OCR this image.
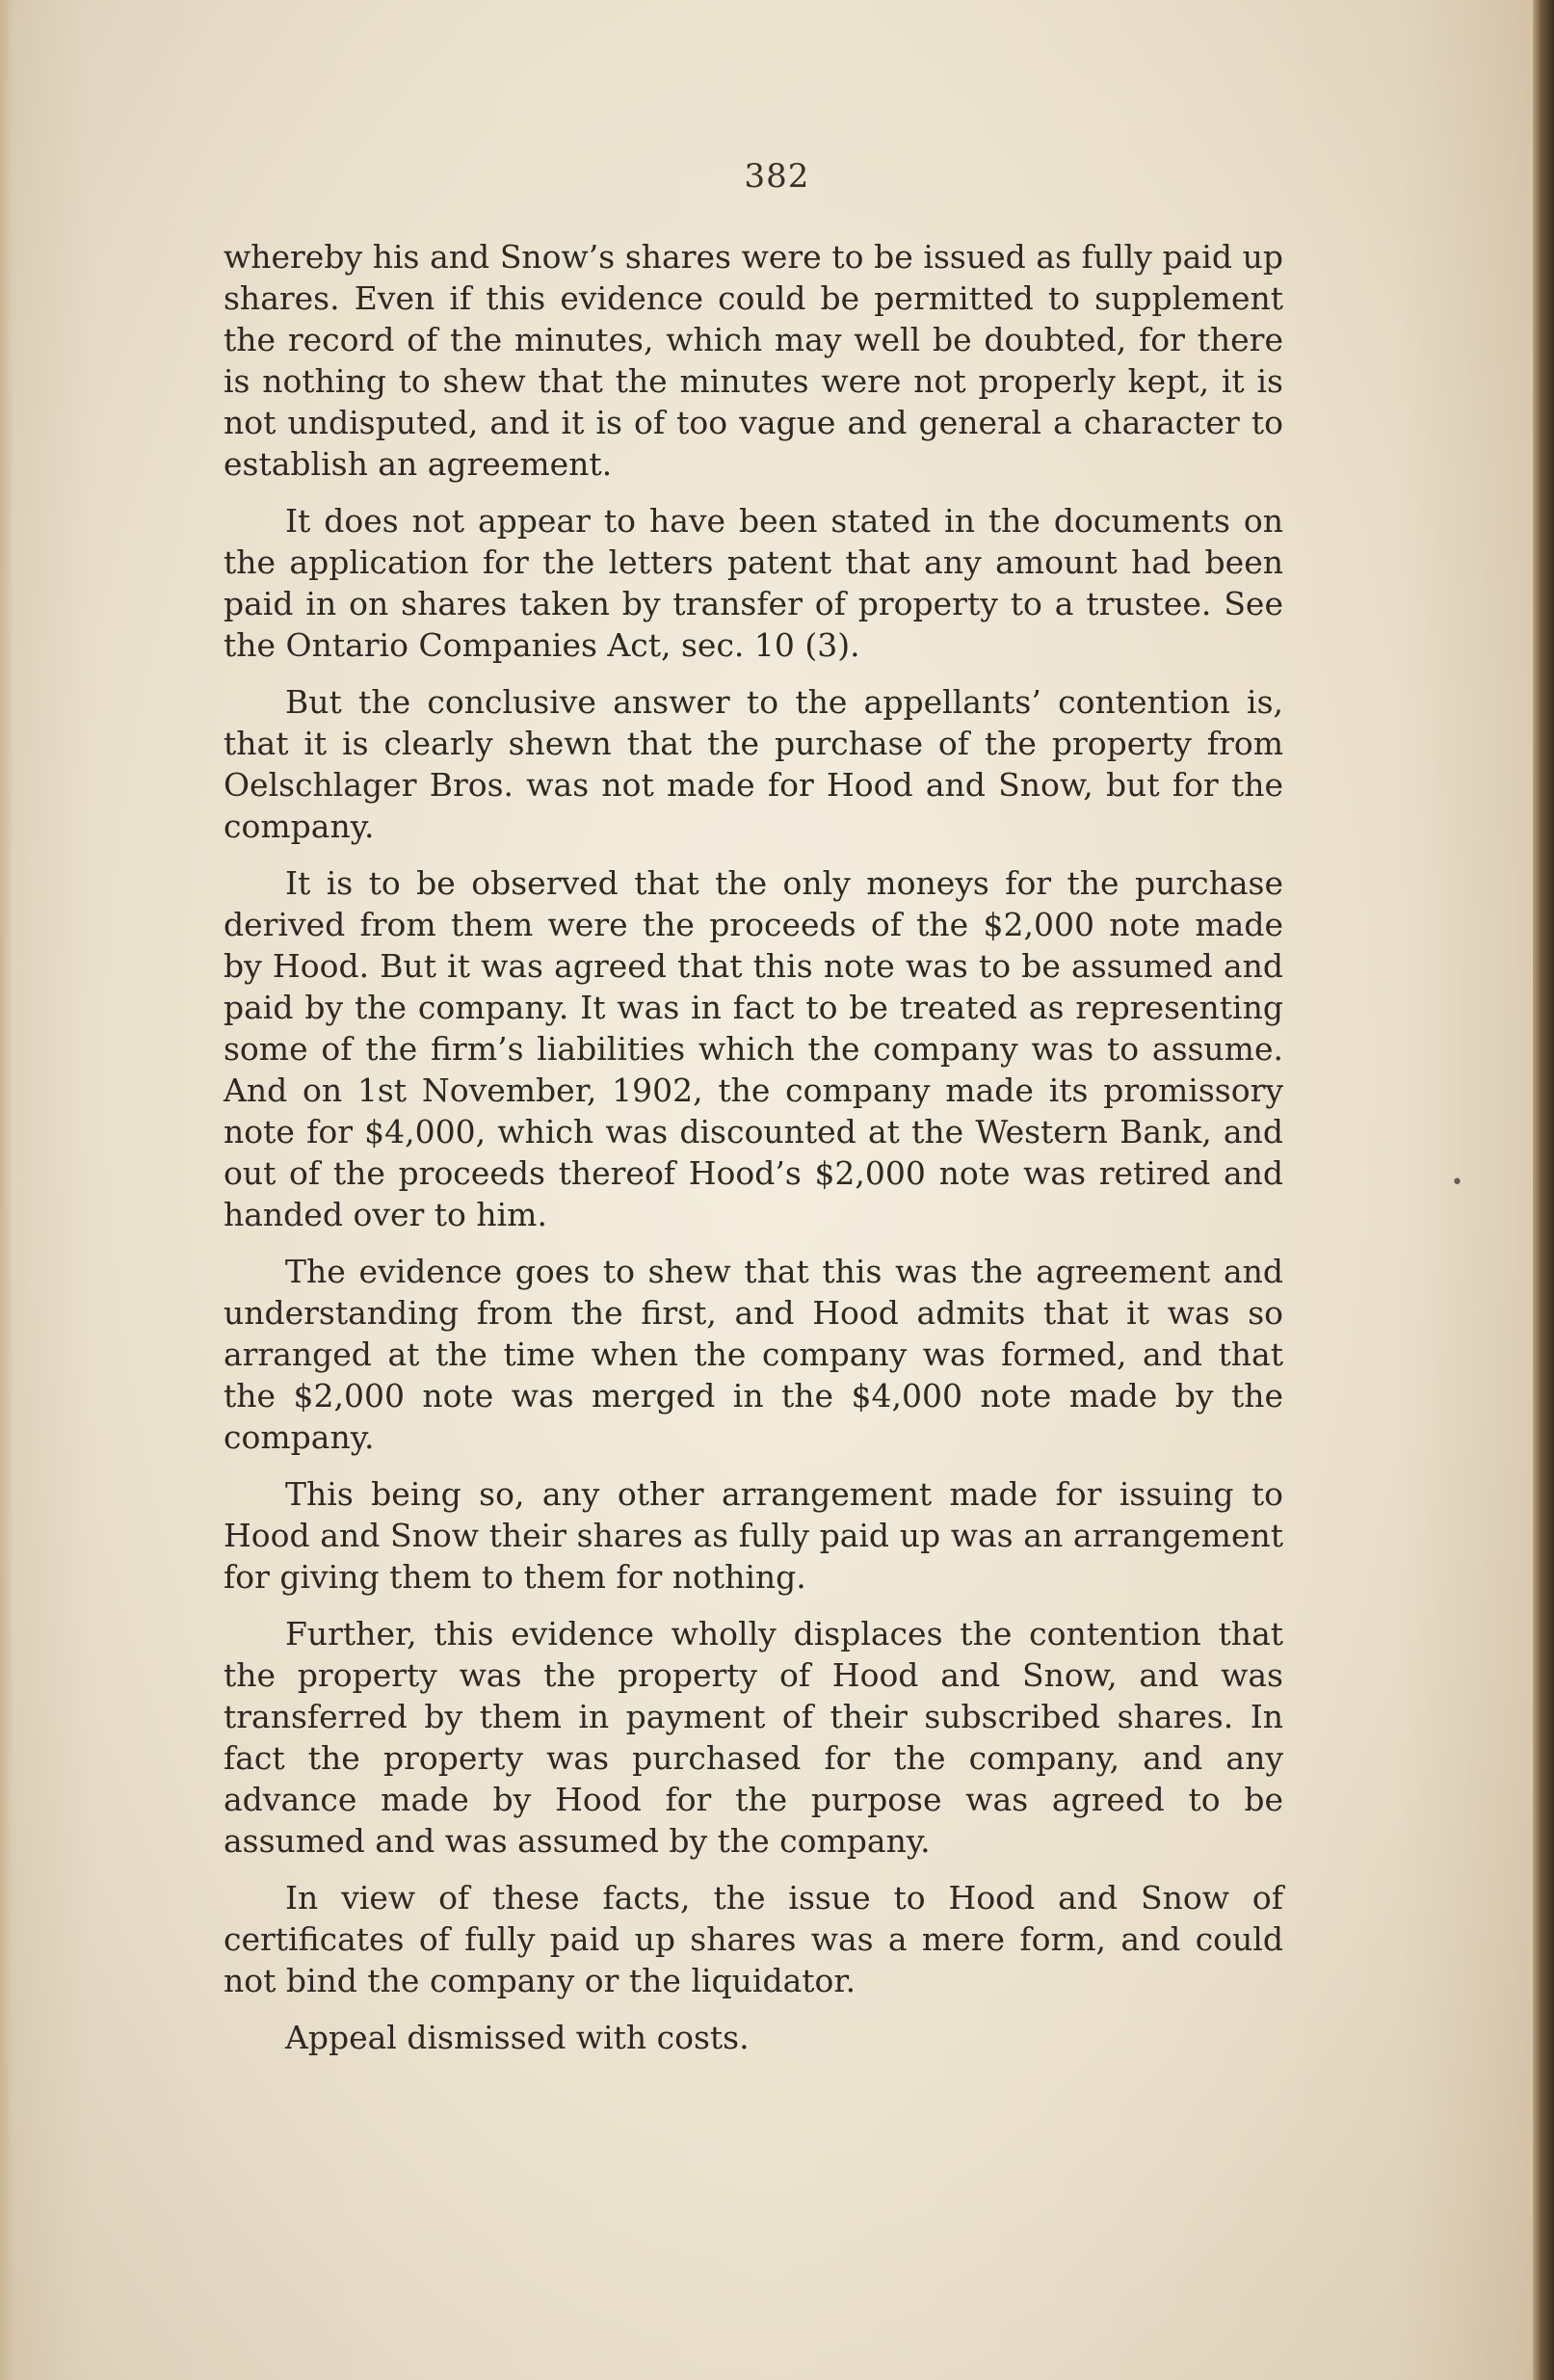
382

whereby his and Snow’s shares were to be issued as fully paid up shares. Even if this evidence could be permitted to supplement the record of the minutes, which may well be doubted, for there is nothing to shew that the minutes were not properly kept, it is not undisputed, and it is of too vague and general a character to establish an agreement.

It does not appear to have been stated in the documents on the application for the letters patent that any amount had been paid in on shares taken by transfer of property to a trustee. See the Ontario Companies Act, sec. 10 (3).

But the conclusive answer to the appellants’ contention is, that it is clearly shewn that the purchase of the property from Oelschlager Bros. was not made for Hood and Snow, but for the company.

It is to be observed that the only moneys for the purchase derived from them were the proceeds of the $2,000 note made by Hood. But it was agreed that this note was to be assumed and paid by the company. It was in fact to be treated as representing some of the firm’s liabilities which the company was to assume. And on 1st November, 1902, the company made its promissory note for $4,000, which was discounted at the Western Bank, and out of the proceeds thereof Hood’s $2,000 note was retired and handed over to him.

The evidence goes to shew that this was the agreement and understanding from the first, and Hood admits that it was so arranged at the time when the company was formed, and that the $2,000 note was merged in the $4,000 note made by the company.

This being so, any other arrangement made for issuing to Hood and Snow their shares as fully paid up was an arrangement for giving them to them for nothing.

Further, this evidence wholly displaces the contention that the property was the property of Hood and Snow, and was transferred by them in payment of their subscribed shares. In fact the property was purchased for the company, and any advance made by Hood for the purpose was agreed to be assumed and was assumed by the company.

In view of these facts, the issue to Hood and Snow of certificates of fully paid up shares was a mere form, and could not bind the company or the liquidator.

Appeal dismissed with costs.

•
